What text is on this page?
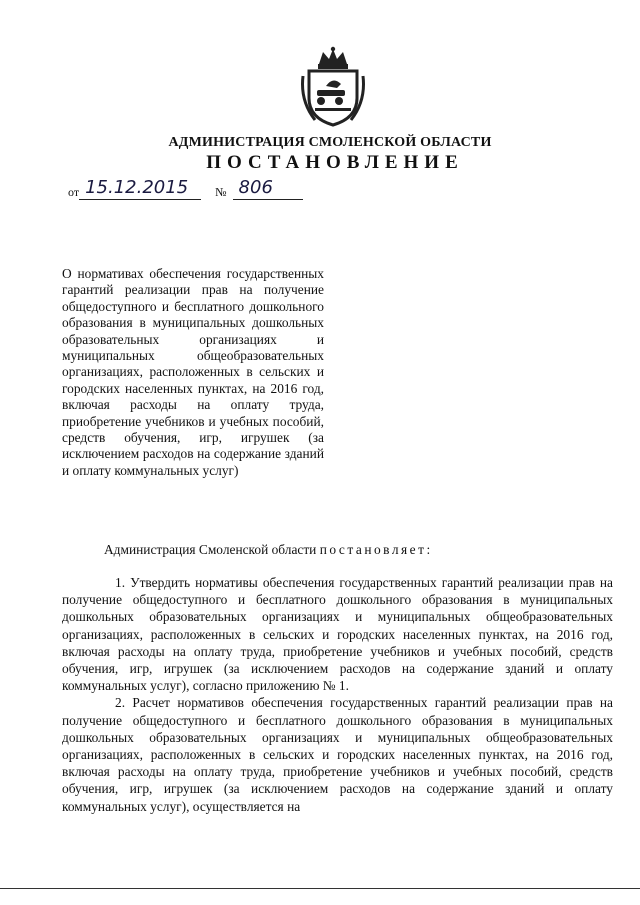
АДМИНИСТРАЦИЯ СМОЛЕНСКОЙ ОБЛАСТИ
ПОСТАНОВЛЕНИЕ
от 15.12.2015	№ 806
О нормативах обеспечения государственных гарантий реализации прав на получение общедоступного и бесплатного дошкольного образования в муниципальных дошкольных образовательных организациях и муниципальных общеобразовательных организациях, расположенных в сельских и городских населенных пунктах, на 2016 год, включая расходы на оплату труда, приобретение учебников и учебных пособий, средств обучения, игр, игрушек (за исключением расходов на содержание зданий и оплату коммунальных услуг)
Администрация Смоленской области постановляет:

1. Утвердить нормативы обеспечения государственных гарантий реализации прав на получение общедоступного и бесплатного дошкольного образования в муниципальных дошкольных образовательных организациях и муниципальных общеобразовательных организациях, расположенных в сельских и городских населенных пунктах, на 2016 год, включая расходы на оплату труда, приобретение учебников и учебных пособий, средств обучения, игр, игрушек (за исключением расходов на содержание зданий и оплату коммунальных услуг), согласно приложению № 1.

2. Расчет нормативов обеспечения государственных гарантий реализации прав на получение общедоступного и бесплатного дошкольного образования в муниципальных дошкольных образовательных организациях и муниципальных общеобразовательных организациях, расположенных в сельских и городских населенных пунктах, на 2016 год, включая расходы на оплату труда, приобретение учебников и учебных пособий, средств обучения, игр, игрушек (за исключением расходов на содержание зданий и оплату коммунальных услуг), осуществляется на
